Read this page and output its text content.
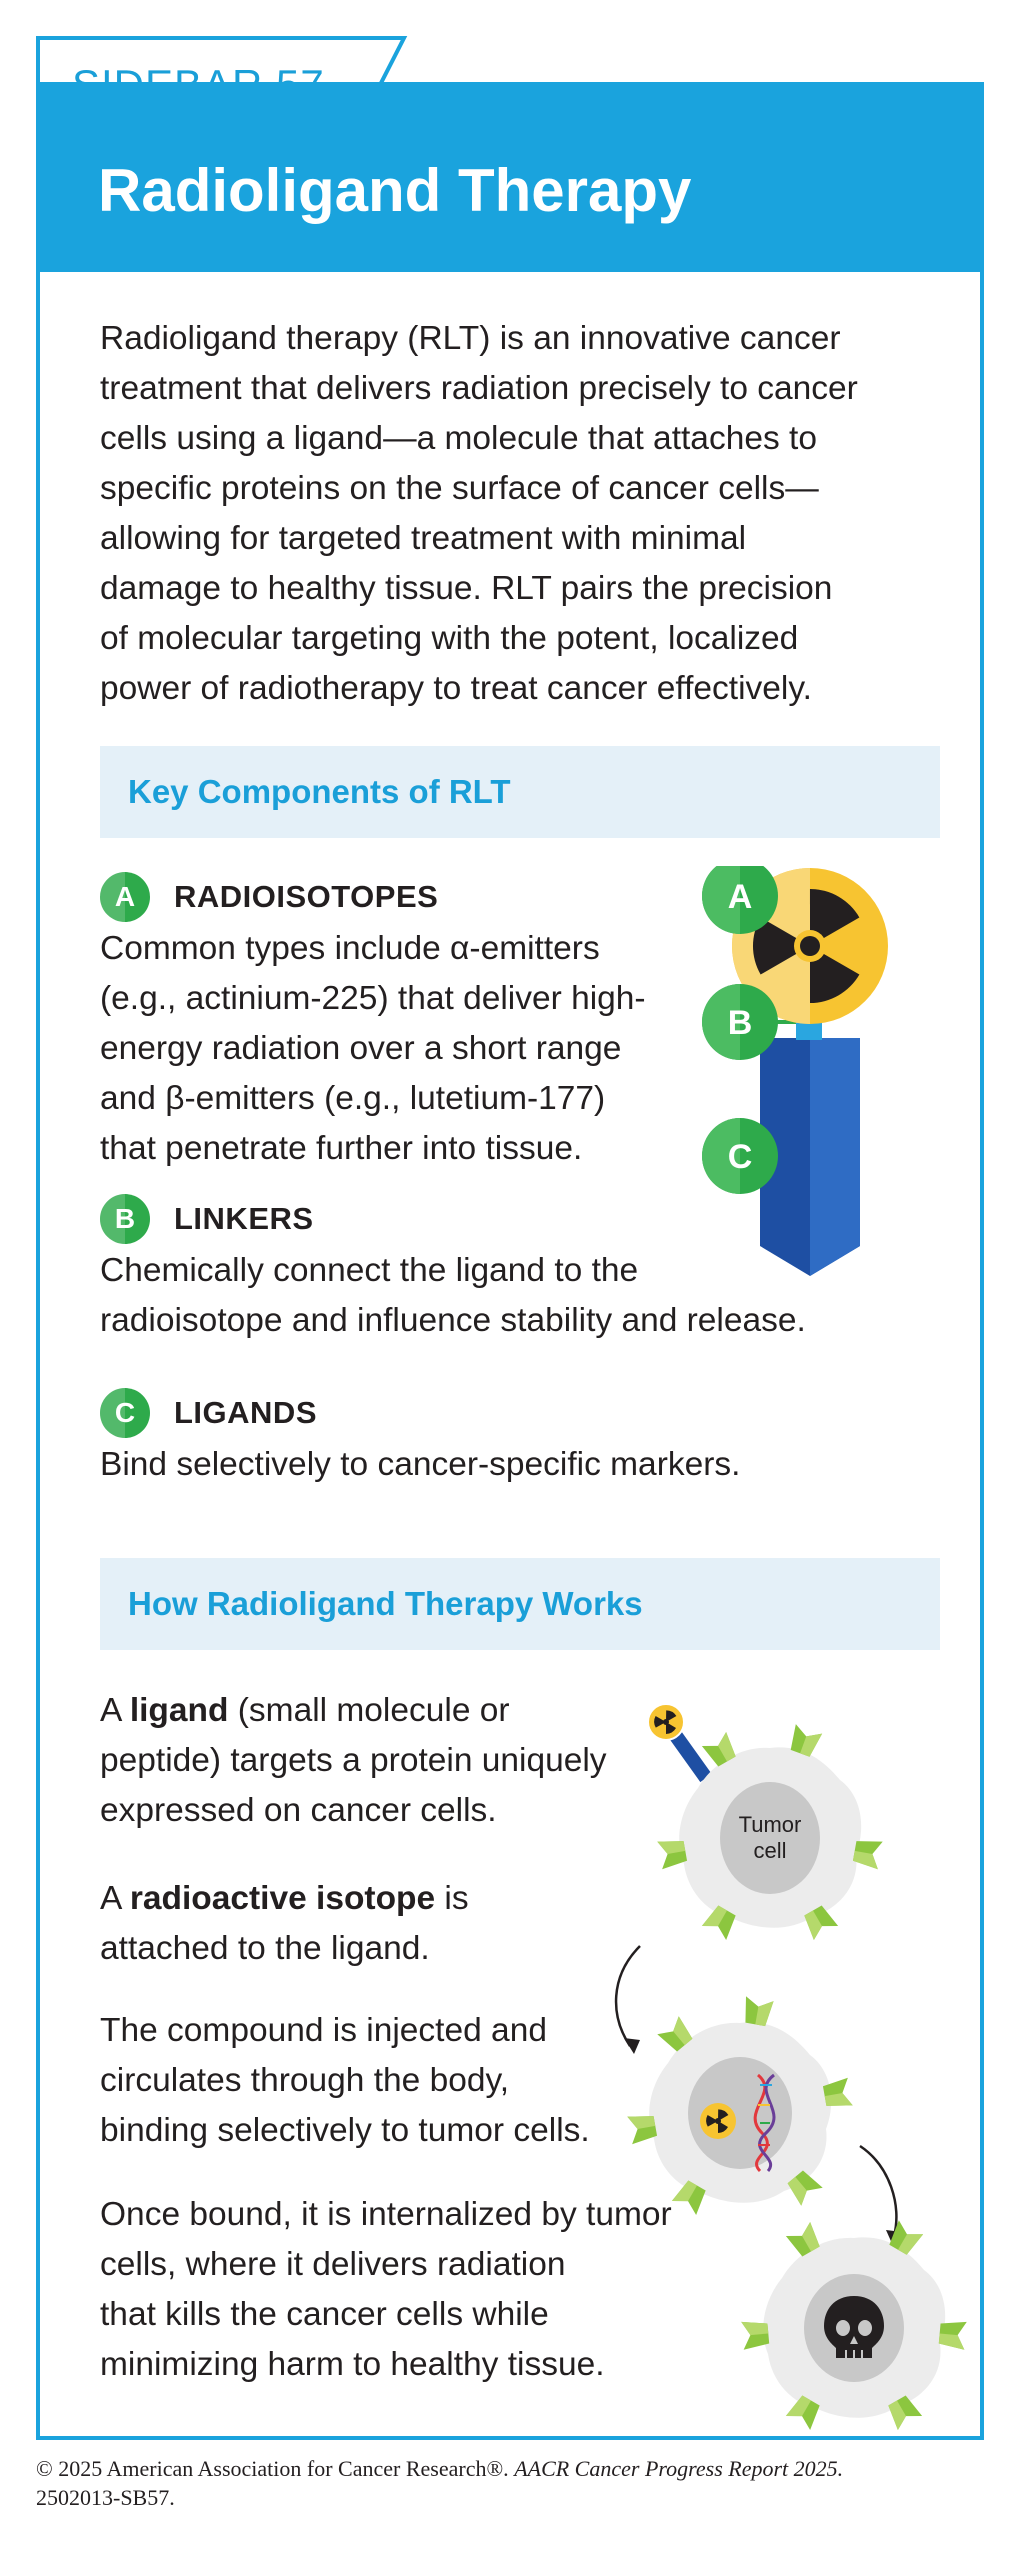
Radioligand Therapy
Radioligand therapy (RLT) is an innovative cancer
treatment that delivers radiation precisely to cancer
cells using a ligand—a molecule that attaches to
specific proteins on the surface of cancer cells—
allowing for targeted treatment with minimal
damage to healthy tissue. RLT pairs the precision
of molecular targeting with the potent, localized
power of radiotherapy to treat cancer effectively.
Key Components of RLT
A RADIOISOTOPES
Common types include α-emitters
(e.g., actinium-225) that deliver high-
energy radiation over a short range
and β-emitters (e.g., lutetium-177)
that penetrate further into tissue.
B LINKERS
Chemically connect the ligand to the
radioisotope and influence stability and release.
C LIGANDS
Bind selectively to cancer-specific markers.
A
B
C
How Radioligand Therapy Works
A ligand (small molecule or
peptide) targets a protein uniquely
expressed on cancer cells.
A radioactive isotope is
attached to the ligand.
The compound is injected and
circulates through the body,
binding selectively to tumor cells.
Once bound, it is internalized by tumor
cells, where it delivers radiation
that kills the cancer cells while
minimizing harm to healthy tissue.
Tumor
cell
© 2025 American Association for Cancer Research®. AACR Cancer Progress Report 2025.
2502013-SB57.
